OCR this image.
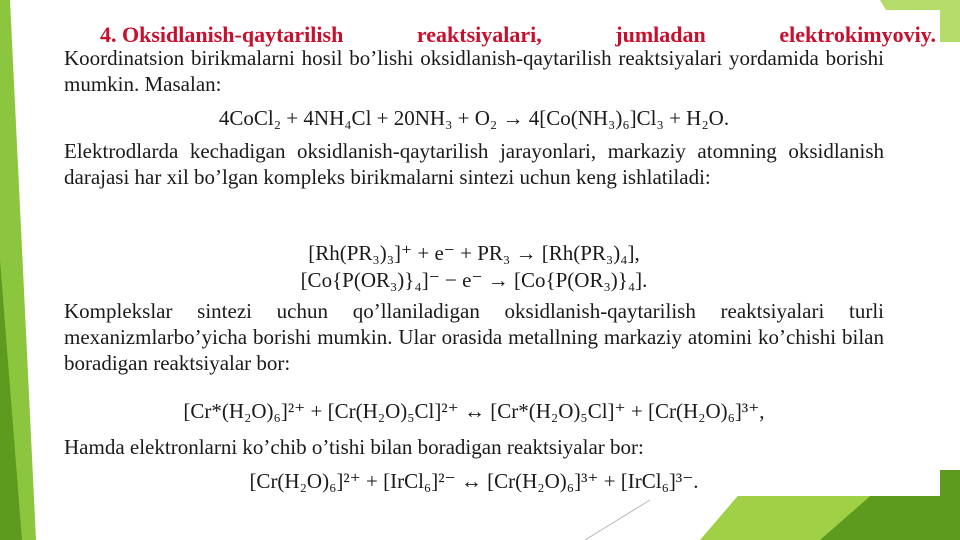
4. Oksidlanish-qaytarilish	reaktsiyalari,	jumladan	elektrokimyoviy.
Koordinatsion birikmalarni hosil bo’lishi oksidlanish-qaytarilish reaktsiyalari yordamida borishi mumkin. Masalan:
4CoCl₂ + 4NH₄Cl + 20NH₃ + O₂ → 4[Co(NH₃)₆]Cl₃ + H₂O.
Elektrodlarda kechadigan oksidlanish-qaytarilish jarayonlari, markaziy atomning oksidlanish darajasi har xil bo’lgan kompleks birikmalarni sintezi uchun keng ishlatiladi:
[Rh(PR₃)₃]⁺ + e⁻ + PR₃ → [Rh(PR₃)₄],
[Co{P(OR₃)}₄]⁻ − e⁻ → [Co{P(OR₃)}₄].
Komplekslar sintezi uchun qo’llaniladigan oksidlanish-qaytarilish reaktsiyalari turli mexanizmlarbo’yicha borishi mumkin. Ular orasida metallning markaziy atomini ko’chishi bilan boradigan reaktsiyalar bor:
[Cr*(H₂O)₆]²⁺ + [Cr(H₂O)₅Cl]²⁺ ↔ [Cr*(H₂O)₅Cl]⁺ + [Cr(H₂O)₆]³⁺,
Hamda elektronlarni ko’chib o’tishi bilan boradigan reaktsiyalar bor:
[Cr(H₂O)₆]²⁺ + [IrCl₆]²⁻ ↔ [Cr(H₂O)₆]³⁺ + [IrCl₆]³⁻.
